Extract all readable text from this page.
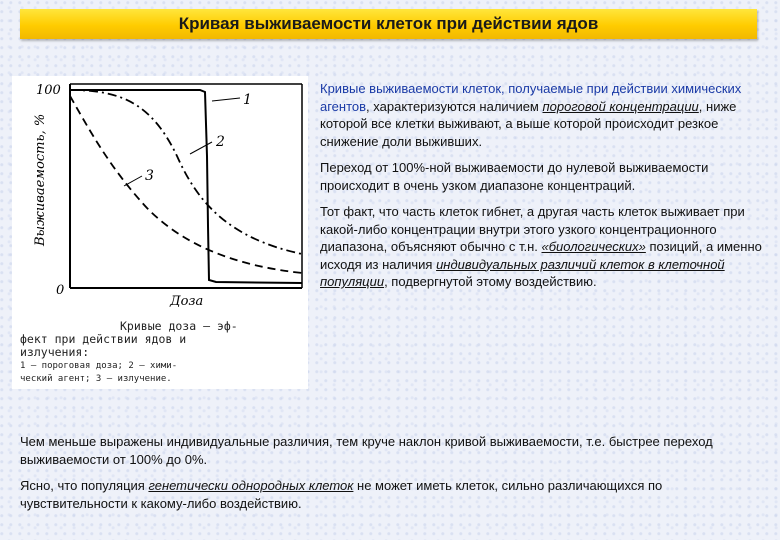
Кривая выживаемости клеток при действии ядов
1
2
3
100
0
Выживаемость, %
Доза
Кривые доза — эф-
фект при действии ядов и
излучения:
1 — пороговая доза; 2 — хими-
ческий агент; 3 — излучение.

Кривые выживаемости клеток, получаемые при действии химических агентов, характеризуются наличием пороговой концентрации, ниже которой все клетки выживают, а выше которой происходит резкое снижение доли выживших.

Переход от 100%-ной выживаемости до нулевой выживаемости происходит в очень узком диапазоне концентраций.

Тот факт, что часть клеток гибнет, а другая часть клеток выживает при какой-либо концентрации внутри этого узкого концентрационного диапазона, объясняют обычно с т.н. «биологических» позиций, а именно исходя из наличия индивидуальных различий клеток в клеточной популяции, подвергнутой этому воздействию.

Чем меньше выражены индивидуальные различия, тем круче наклон кривой выживаемости, т.е. быстрее переход выживаемости от 100% до 0%.

Ясно, что популяция генетически однородных клеток не может иметь клеток, сильно различающихся по чувствительности к какому-либо воздействию.
